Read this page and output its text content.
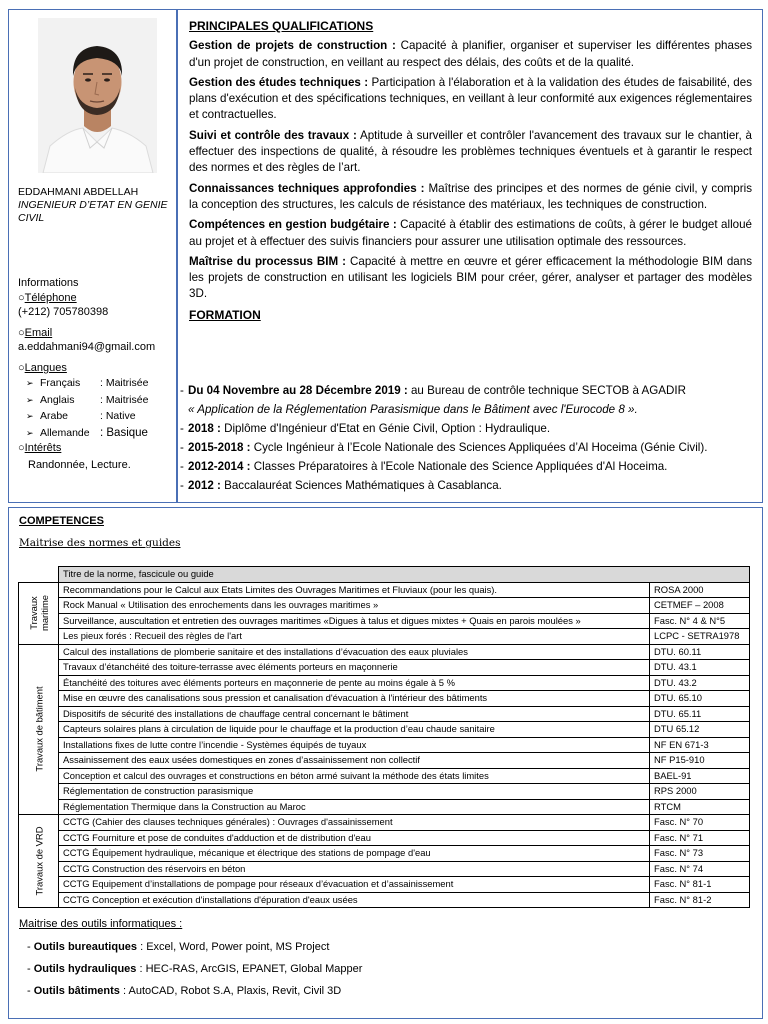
EDDAHMANI ABDELLAH
INGENIEUR D’ETAT EN GENIE CIVIL
Informations
○Téléphone
(+212) 705780398
○Email
a.eddahmani94@gmail.com
○Langues
➢ Français	: Maitrisée
➢ Anglais	: Maitrisée
➢ Arabe	: Native
➢ Allemande : Basique
○Intérêts
Randonnée, Lecture.
PRINCIPALES QUALIFICATIONS

Gestion de projets de construction : Capacité à planifier, organiser et superviser les différentes phases d'un projet de construction, en veillant au respect des délais, des coûts et de la qualité.

Gestion des études techniques : Participation à l'élaboration et à la validation des études de faisabilité, des plans d'exécution et des spécifications techniques, en veillant à leur conformité aux exigences réglementaires et contractuelles.

Suivi et contrôle des travaux : Aptitude à surveiller et contrôler l'avancement des travaux sur le chantier, à effectuer des inspections de qualité, à résoudre les problèmes techniques éventuels et à garantir le respect des normes et des règles de l’art.

Connaissances techniques approfondies : Maîtrise des principes et des normes de génie civil, y compris la conception des structures, les calculs de résistance des matériaux, les techniques de construction.

Compétences en gestion budgétaire : Capacité à établir des estimations de coûts, à gérer le budget alloué au projet et à effectuer des suivis financiers pour assurer une utilisation optimale des ressources.

Maîtrise du processus BIM : Capacité à mettre en œuvre et gérer efficacement la méthodologie BIM dans les projets de construction en utilisant les logiciels BIM pour créer, gérer, analyser et partager des modèles 3D.

FORMATION
- Du 04 Novembre au 28 Décembre 2019 : au Bureau de contrôle technique SECTOB à AGADIR
« Application de la Réglementation Parasismique dans le Bâtiment avec l'Eurocode 8 ».
- 2018 : Diplôme d'Ingénieur d'Etat en Génie Civil, Option : Hydraulique.
- 2015-2018 : Cycle Ingénieur à l’Ecole Nationale des Sciences Appliquées d’Al Hoceima (Génie Civil).
- 2012-2014 : Classes Préparatoires à l'Ecole Nationale des Science Appliquées d'Al Hoceima.
- 2012 : Baccalauréat Sciences Mathématiques à Casablanca.
COMPETENCES
Maitrise des normes et guides
	Titre de la norme, fascicule ou guide	

Travaux maritime	Recommandations pour le Calcul aux Etats Limites des Ouvrages Maritimes et Fluviaux (pour les quais).	ROSA 2000
	Rock Manual « Utilisation des enrochements dans les ouvrages maritimes »	CETMEF – 2008
	Surveillance, auscultation et entretien des ouvrages maritimes «Digues à talus et digues mixtes + Quais en parois moulées »	Fasc. N° 4 & N°5
	Les pieux forés : Recueil des règles de l'art	LCPC - SETRA1978

Travaux de bâtiment	Calcul des installations de plomberie sanitaire et des installations d’évacuation des eaux pluviales	DTU. 60.11
	Travaux d’étanchéité des toiture-terrasse avec éléments porteurs en maçonnerie	DTU. 43.1
	Étanchéité des toitures avec éléments porteurs en maçonnerie de pente au moins égale à 5 %	DTU. 43.2
	Mise en œuvre des canalisations sous pression et canalisation d'évacuation à l'intérieur des bâtiments	DTU. 65.10
	Dispositifs de sécurité des installations de chauffage central concernant le bâtiment	DTU. 65.11
	Capteurs solaires plans à circulation de liquide pour le chauffage et la production d’eau chaude sanitaire	DTU 65.12
	Installations fixes de lutte contre l’incendie - Systèmes équipés de tuyaux	NF EN 671-3
	Assainissement des eaux usées domestiques en zones d’assainissement non collectif	NF P15-910
	Conception et calcul des ouvrages et constructions en béton armé suivant la méthode des états limites	BAEL-91
	Réglementation de construction parasismique	RPS 2000
	Réglementation Thermique dans la Construction au Maroc	RTCM

Travaux de VRD	CCTG (Cahier des clauses techniques générales) : Ouvrages d'assainissement	Fasc. N° 70
	CCTG Fourniture et pose de conduites d'adduction et de distribution d'eau	Fasc. N° 71
	CCTG Équipement hydraulique, mécanique et électrique des stations de pompage d'eau	Fasc. N° 73
	CCTG Construction des réservoirs en béton	Fasc. N° 74
	CCTG Equipement d’installations de pompage pour réseaux d’évacuation et d’assainissement	Fasc. N° 81-1
	CCTG Conception et exécution d'installations d'épuration d'eaux usées	Fasc. N° 81-2
Maitrise des outils informatiques :
- Outils bureautiques : Excel, Word, Power point, MS Project
- Outils hydrauliques : HEC-RAS, ArcGIS, EPANET, Global Mapper
- Outils bâtiments : AutoCAD, Robot S.A, Plaxis, Revit, Civil 3D
